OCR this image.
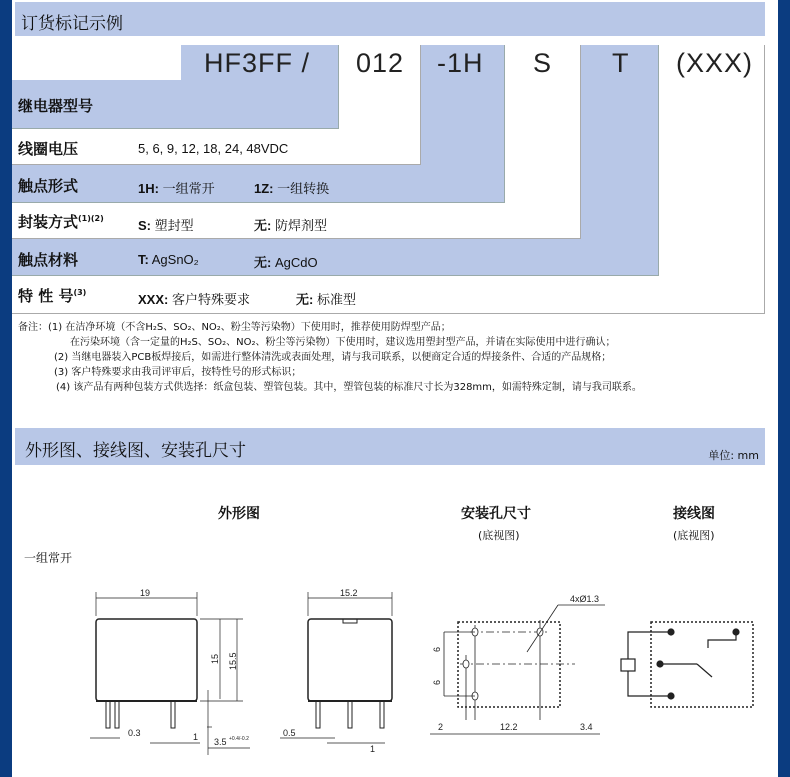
订货标记示例
HF3FF / 012 -1H S T (XXX)
继电器型号
线圈电压	5, 6, 9, 12, 18, 24, 48VDC
触点形式	1H: 一组常开	1Z: 一组转换
封装方式$^{(1)(2)}$	S: 塑封型	无: 防焊剂型
触点材料	T: AgSnO₂	无: AgCdO
特 性 号$^{(3)}$	XXX: 客户特殊要求	无: 标准型
备注：(1) 在洁净环境（不含H₂S、SO₂、NO₂、粉尘等污染物）下使用时，推荐使用防焊型产品；
在污染环境（含一定量的H₂S、SO₂、NO₂、粉尘等污染物）下使用时，建议选用塑封型产品，并请在实际使用中进行确认；
(2) 当继电器装入PCB板焊接后，如需进行整体清洗或表面处理，请与我司联系，以便商定合适的焊接条件、合适的产品规格；
(3) 客户特殊要求由我司评审后，按特性号的形式标识；
(4) 该产品有两种包装方式供选择：纸盒包装、塑管包装。其中，塑管包装的标准尺寸长为328mm，如需特殊定制，请与我司联系。
外形图、接线图、安装孔尺寸	单位: mm
外形图	安装孔尺寸
(底视图)
接线图
(底视图)
一组常开
19
15 15.5
0.3	1 3.5 +0.4/-0.2
15.2
0.5
1
4xØ1.3
6
6
2	12.2	3.4
